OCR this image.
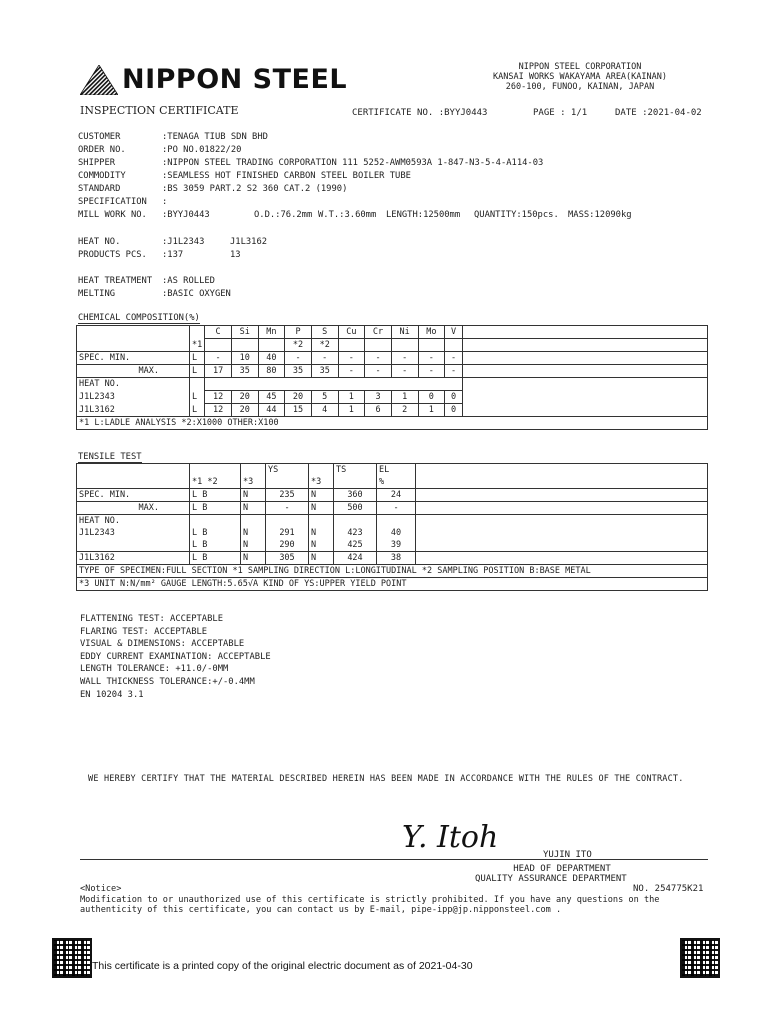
NIPPON STEEL	NIPPON STEEL CORPORATION
KANSAI WORKS WAKAYAMA AREA(KAINAN)
260-100, FUNOO, KAINAN, JAPAN
INSPECTION CERTIFICATE	CERTIFICATE NO. :BYYJ0443	PAGE : 1/1	DATE :2021-04-02
CUSTOMER	:TENAGA TIUB SDN BHD
ORDER NO.	:PO NO.01822/20
SHIPPER	:NIPPON STEEL TRADING CORPORATION 111 5252-AWM0593A 1-847-N3-5-4-A114-03
COMMODITY	:SEAMLESS HOT FINISHED CARBON STEEL BOILER TUBE
STANDARD	:BS 3059 PART.2 S2 360 CAT.2 (1990)
SPECIFICATION	:
MILL WORK NO.	:BYYJ0443	O.D.:76.2mm W.T.:3.60mm	LENGTH:12500mm	QUANTITY:150pcs.	MASS:12090kg
HEAT NO.	:J1L2343	J1L3162
PRODUCTS PCS.	:137	13
HEAT TREATMENT	:AS ROLLED
MELTING	:BASIC OXYGEN
CHEMICAL COMPOSITION(%)
		C	Si	Mn	P	S	Cu	Cr	Ni	Mo	V	
	*1				*2	*2						
SPEC. MIN.	L	-	10	40	-	-	-	-	-	-	-	
MAX.	L	17	35	80	35	35	-	-	-	-	-	
HEAT NO.												
J1L2343	L	12	20	45	20	5	1	3	1	0	0	
J1L3162	L	12	20	44	15	4	1	6	2	1	0	
*1 L:LADLE ANALYSIS *2:X1000 OTHER:X100												
TENSILE TEST
			YS		TS	EL	
	*1 *2	*3		*3		%	
SPEC. MIN.	L B	N	235	N	360	24	
MAX.	L B	N	-	N	500	-	
HEAT NO.							
J1L2343	L B	N	291	N	423	40	
	L B	N	290	N	425	39	
J1L3162	L B	N	305	N	424	38	
TYPE OF SPECIMEN:FULL SECTION *1 SAMPLING DIRECTION L:LONGITUDINAL *2 SAMPLING POSITION B:BASE METAL							
*3 UNIT N:N/mm² GAUGE LENGTH:5.65√A KIND OF YS:UPPER YIELD POINT							
FLATTENING TEST: ACCEPTABLE
FLARING TEST: ACCEPTABLE
VISUAL & DIMENSIONS: ACCEPTABLE
EDDY CURRENT EXAMINATION: ACCEPTABLE
LENGTH TOLERANCE: +11.0/-0MM
WALL THICKNESS TOLERANCE:+/-0.4MM
EN 10204 3.1
WE HEREBY CERTIFY THAT THE MATERIAL DESCRIBED HEREIN HAS BEEN MADE IN ACCORDANCE WITH THE RULES OF THE CONTRACT.
Y. Itoh	YUJIN ITO
HEAD OF DEPARTMENT
QUALITY ASSURANCE DEPARTMENT
NO. 254775K21
<Notice>
Modification to or unauthorized use of this certificate is strictly prohibited. If you have any questions on the
authenticity of this certificate, you can contact us by E-mail, pipe-ipp@jp.nipponsteel.com .
This certificate is a printed copy of the original electric document as of 2021-04-30
